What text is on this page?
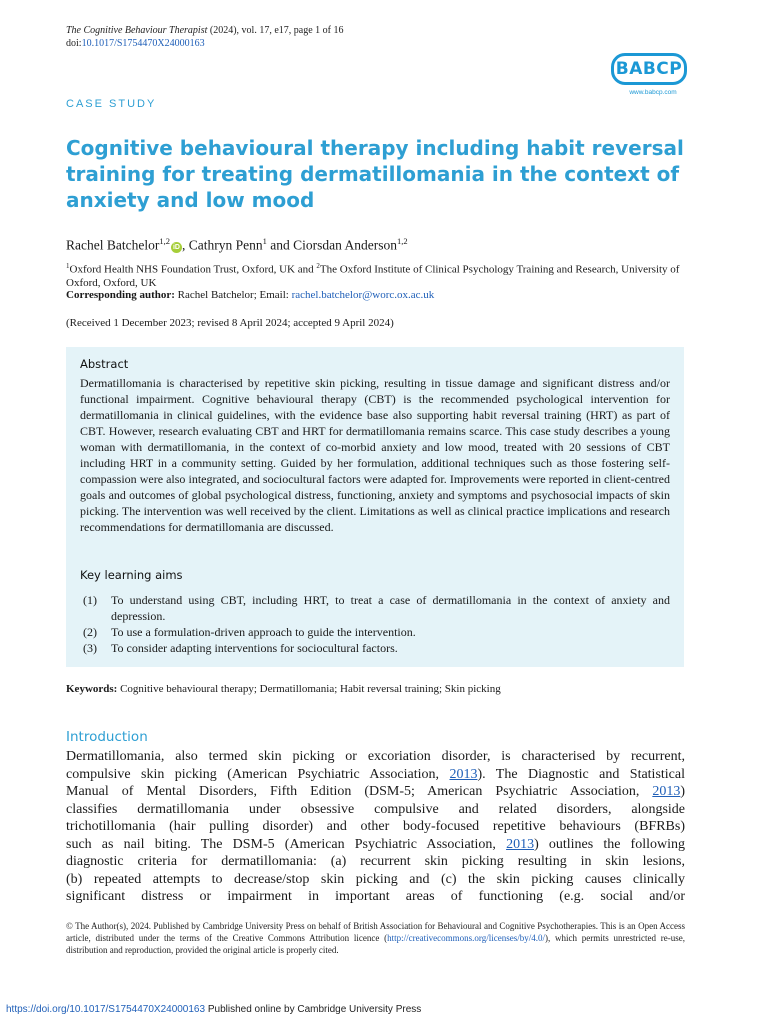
The Cognitive Behaviour Therapist (2024), vol. 17, e17, page 1 of 16
doi:10.1017/S1754470X24000163
BABCP
www.babcp.com
CASE STUDY
Cognitive behavioural therapy including habit reversal training for treating dermatillomania in the context of anxiety and low mood
Rachel Batchelor$^{1,2}$iD , Cathryn Penn$^1$ and Ciorsdan Anderson$^{1,2}$
$^1$Oxford Health NHS Foundation Trust, Oxford, UK and $^2$The Oxford Institute of Clinical Psychology Training and Research, University of Oxford, Oxford, UK
Corresponding author: Rachel Batchelor; Email: rachel.batchelor@worc.ox.ac.uk
(Received 1 December 2023; revised 8 April 2024; accepted 9 April 2024)
Abstract
Dermatillomania is characterised by repetitive skin picking, resulting in tissue damage and significant distress and/or functional impairment. Cognitive behavioural therapy (CBT) is the recommended psychological intervention for dermatillomania in clinical guidelines, with the evidence base also supporting habit reversal training (HRT) as part of CBT. However, research evaluating CBT and HRT for dermatillomania remains scarce. This case study describes a young woman with dermatillomania, in the context of co-morbid anxiety and low mood, treated with 20 sessions of CBT including HRT in a community setting. Guided by her formulation, additional techniques such as those fostering self-compassion were also integrated, and sociocultural factors were adapted for. Improvements were reported in client-centred goals and outcomes of global psychological distress, functioning, anxiety and symptoms and psychosocial impacts of skin picking. The intervention was well received by the client. Limitations as well as clinical practice implications and research recommendations for dermatillomania are discussed.
Key learning aims
(1)	To understand using CBT, including HRT, to treat a case of dermatillomania in the context of anxiety and depression.
(2)	To use a formulation-driven approach to guide the intervention.
(3)	To consider adapting interventions for sociocultural factors.
Keywords: Cognitive behavioural therapy; Dermatillomania; Habit reversal training; Skin picking
Introduction
Dermatillomania, also termed skin picking or excoriation disorder, is characterised by recurrent,
compulsive skin picking (American Psychiatric Association, 2013). The Diagnostic and Statistical
Manual of Mental Disorders, Fifth Edition (DSM-5; American Psychiatric Association, 2013)
classifies dermatillomania under obsessive compulsive and related disorders, alongside
trichotillomania (hair pulling disorder) and other body-focused repetitive behaviours (BFRBs)
such as nail biting. The DSM-5 (American Psychiatric Association, 2013) outlines the following
diagnostic criteria for dermatillomania: (a) recurrent skin picking resulting in skin lesions,
(b) repeated attempts to decrease/stop skin picking and (c) the skin picking causes clinically
significant distress or impairment in important areas of functioning (e.g. social and/or
© The Author(s), 2024. Published by Cambridge University Press on behalf of British Association for Behavioural and Cognitive Psychotherapies. This is an Open Access article, distributed under the terms of the Creative Commons Attribution licence (http://creativecommons.org/licenses/by/4.0/), which permits unrestricted re-use, distribution and reproduction, provided the original article is properly cited.
https://doi.org/10.1017/S1754470X24000163 Published online by Cambridge University Press
